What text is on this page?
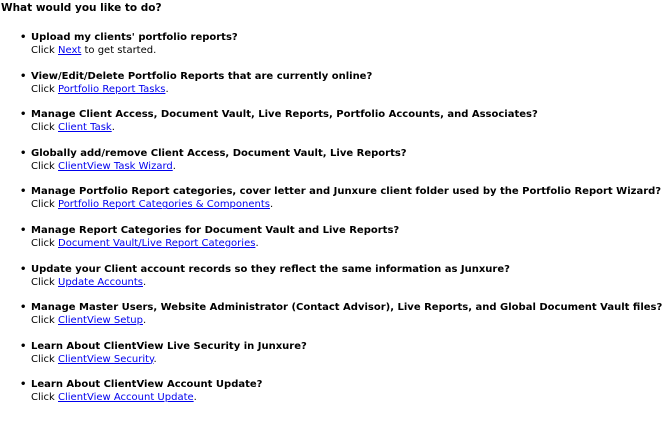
What would you like to do?
• Upload my clients' portfolio reports?
Click Next to get started.
• View/Edit/Delete Portfolio Reports that are currently online?
Click Portfolio Report Tasks.
• Manage Client Access, Document Vault, Live Reports, Portfolio Accounts, and Associates?
Click Client Task.
• Globally add/remove Client Access, Document Vault, Live Reports?
Click ClientView Task Wizard.
• Manage Portfolio Report categories, cover letter and Junxure client folder used by the Portfolio Report Wizard?
Click Portfolio Report Categories & Components.
• Manage Report Categories for Document Vault and Live Reports?
Click Document Vault/Live Report Categories.
• Update your Client account records so they reflect the same information as Junxure?
Click Update Accounts.
• Manage Master Users, Website Administrator (Contact Advisor), Live Reports, and Global Document Vault files?
Click ClientView Setup.
• Learn About ClientView Live Security in Junxure?
Click ClientView Security.
• Learn About ClientView Account Update?
Click ClientView Account Update.
